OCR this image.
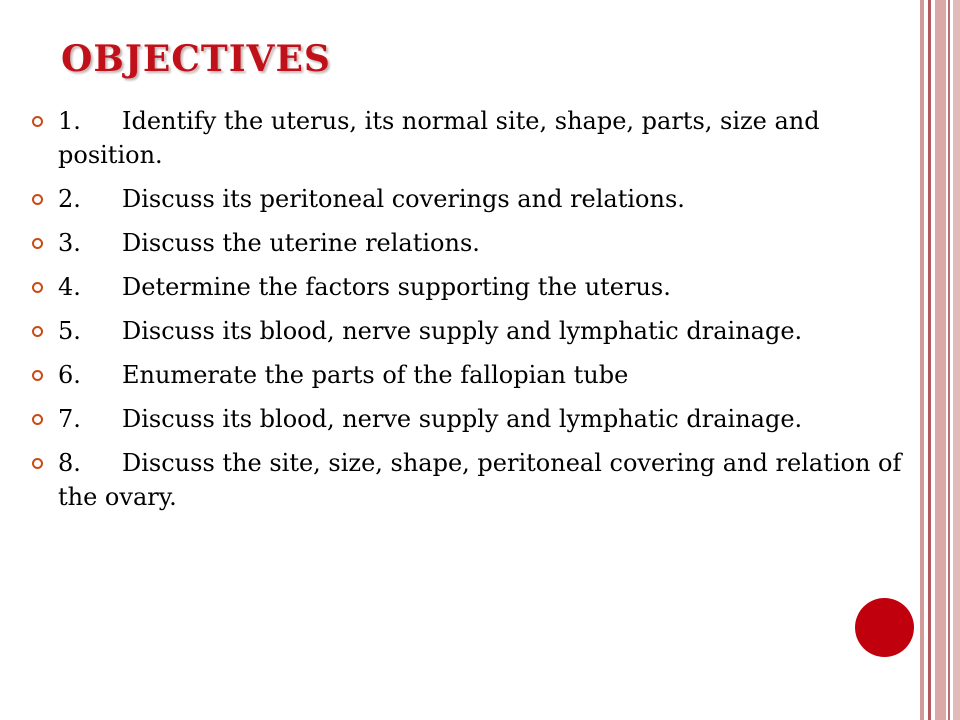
OBJECTIVES
1. Identify the uterus, its normal site, shape, parts, size and position.
2. Discuss its peritoneal coverings and relations.
3. Discuss the uterine relations.
4. Determine the factors supporting the uterus.
5. Discuss its blood, nerve supply and lymphatic drainage.
6. Enumerate the parts of the fallopian tube
7. Discuss its blood, nerve supply and lymphatic drainage.
8. Discuss the site, size, shape, peritoneal covering and relation of the ovary.
